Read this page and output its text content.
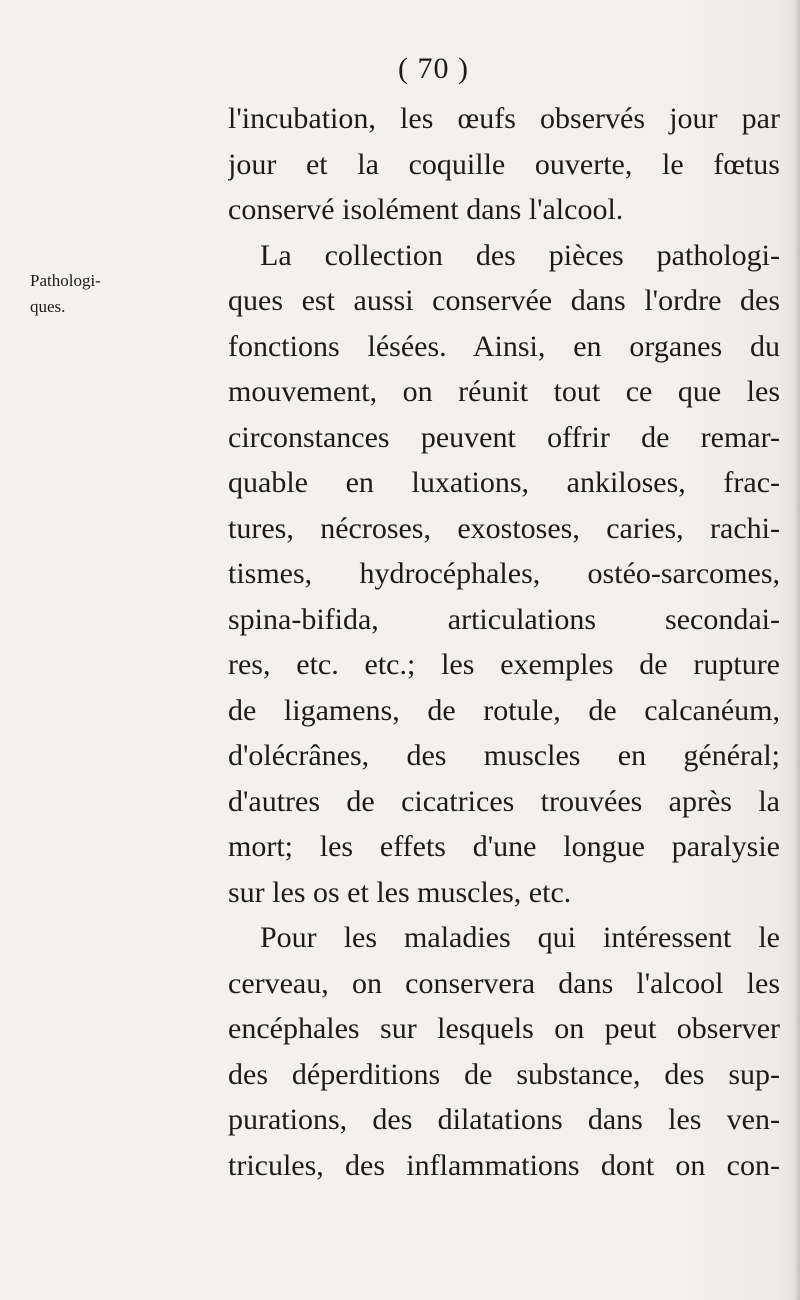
( 70 )

Pathologi-
ques.

l'incubation, les œufs observés jour par
jour et la coquille ouverte, le fœtus
conservé isolément dans l'alcool.
La collection des pièces pathologi-
ques est aussi conservée dans l'ordre des
fonctions lésées. Ainsi, en organes du
mouvement, on réunit tout ce que les
circonstances peuvent offrir de remar-
quable en luxations, ankiloses, frac-
tures, nécroses, exostoses, caries, rachi-
tismes, hydrocéphales, ostéo-sarcomes,
spina-bifida, articulations secondai-
res, etc. etc.; les exemples de rupture
de ligamens, de rotule, de calcanéum,
d'olécrânes, des muscles en général;
d'autres de cicatrices trouvées après la
mort; les effets d'une longue paralysie
sur les os et les muscles, etc.
Pour les maladies qui intéressent le
cerveau, on conservera dans l'alcool les
encéphales sur lesquels on peut observer
des déperditions de substance, des sup-
purations, des dilatations dans les ven-
tricules, des inflammations dont on con-
